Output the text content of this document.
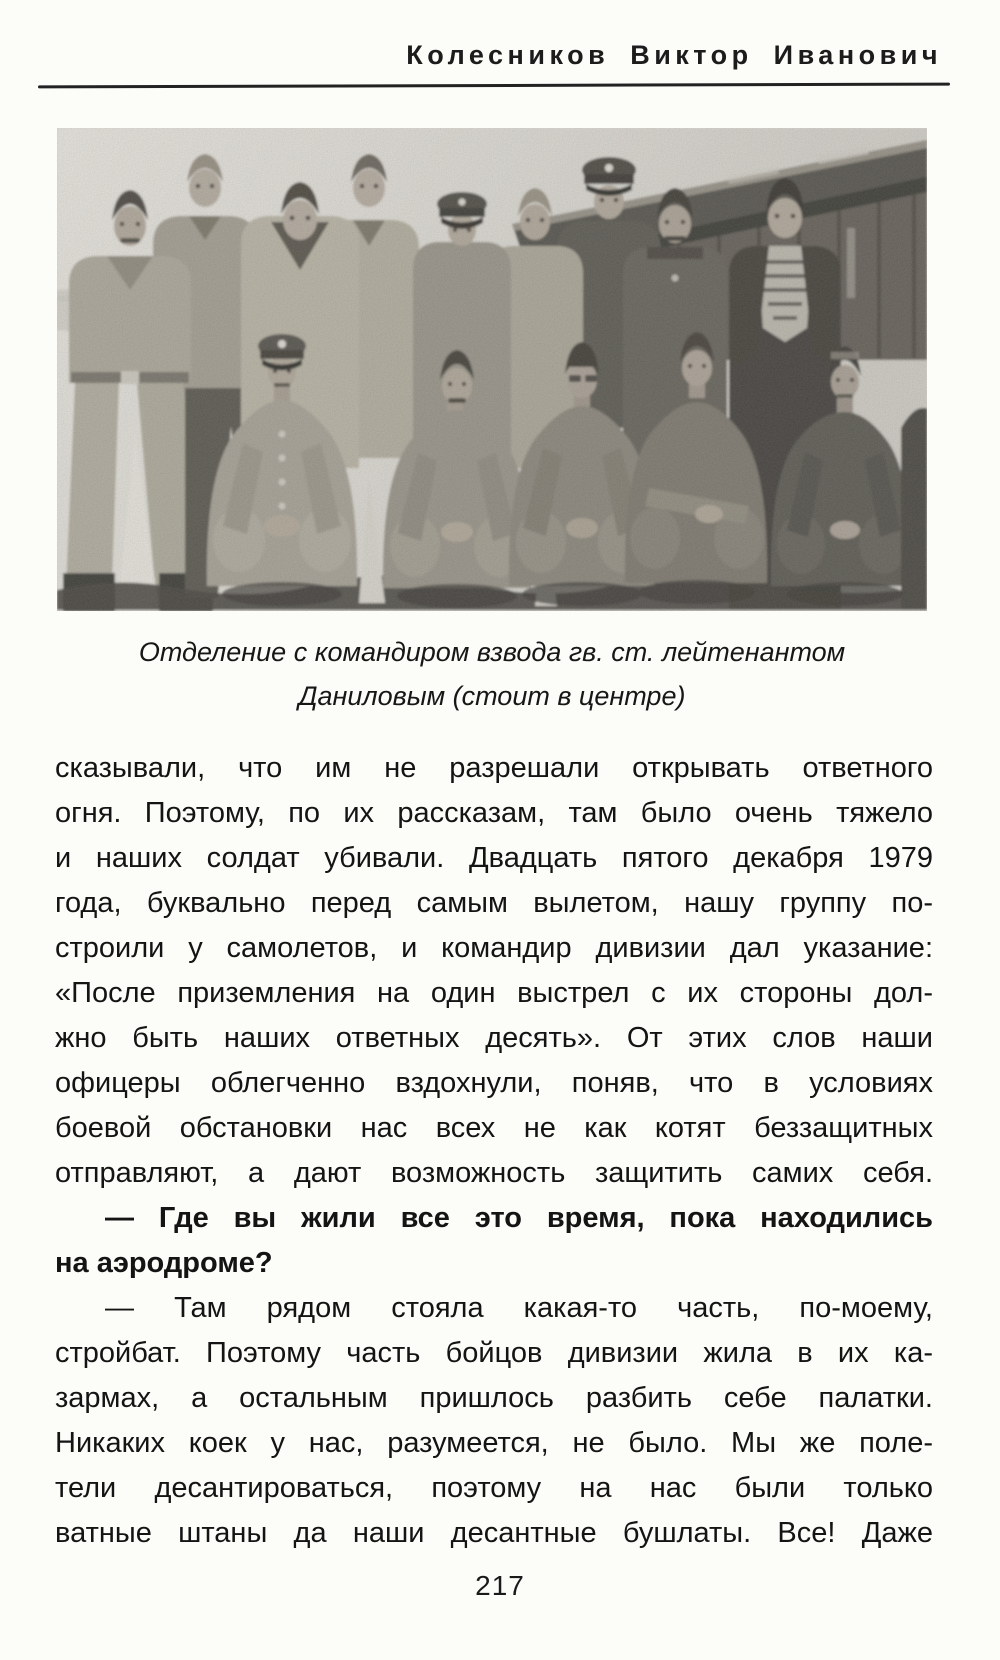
Колесников Виктор Иванович
Отделение с командиром взвода гв. ст. лейтенантом
Даниловым (стоит в центре)
сказывали, что им не разрешали открывать ответного
огня. Поэтому, по их рассказам, там было очень тяжело
и наших солдат убивали. Двадцать пятого декабря 1979
года, буквально перед самым вылетом, нашу группу по-
строили у самолетов, и командир дивизии дал указание:
«После приземления на один выстрел с их стороны дол-
жно быть наших ответных десять». От этих слов наши
офицеры облегченно вздохнули, поняв, что в условиях
боевой обстановки нас всех не как котят беззащитных
отправляют, а дают возможность защитить самих себя.
— Где вы жили все это время, пока находились
на аэродроме?
— Там рядом стояла какая-то часть, по-моему,
стройбат. Поэтому часть бойцов дивизии жила в их ка-
зармах, а остальным пришлось разбить себе палатки.
Никаких коек у нас, разумеется, не было. Мы же поле-
тели десантироваться, поэтому на нас были только
ватные штаны да наши десантные бушлаты. Все! Даже
217
